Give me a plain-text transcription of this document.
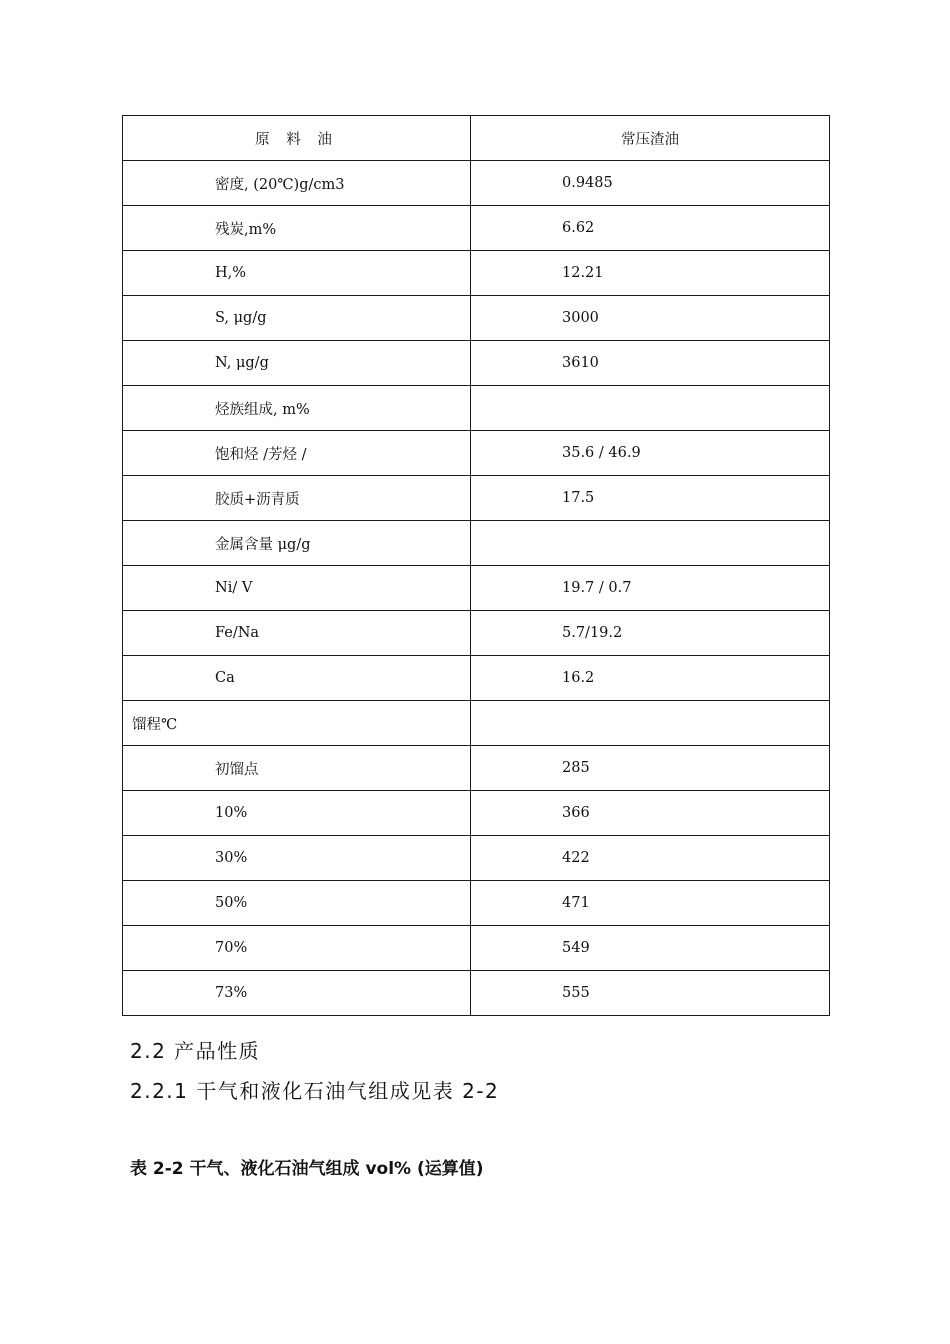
原 料 油	常压渣油
密度, (20℃)g/cm3	0.9485
残炭,m%	6.62
H,%	12.21
S, μg/g	3000
N, μg/g	3610
烃族组成, m%	
饱和烃 /芳烃 /	35.6 / 46.9
胶质+沥青质	17.5
金属含量 μg/g	
Ni/ V	19.7 / 0.7
Fe/Na	5.7/19.2
Ca	16.2
馏程℃	
初馏点	285
10%	366
30%	422
50%	471
70%	549
73%	555
2.2 产品性质
2.2.1 干气和液化石油气组成见表 2-2
表 2-2 干气、液化石油气组成 vol% (运算值)
